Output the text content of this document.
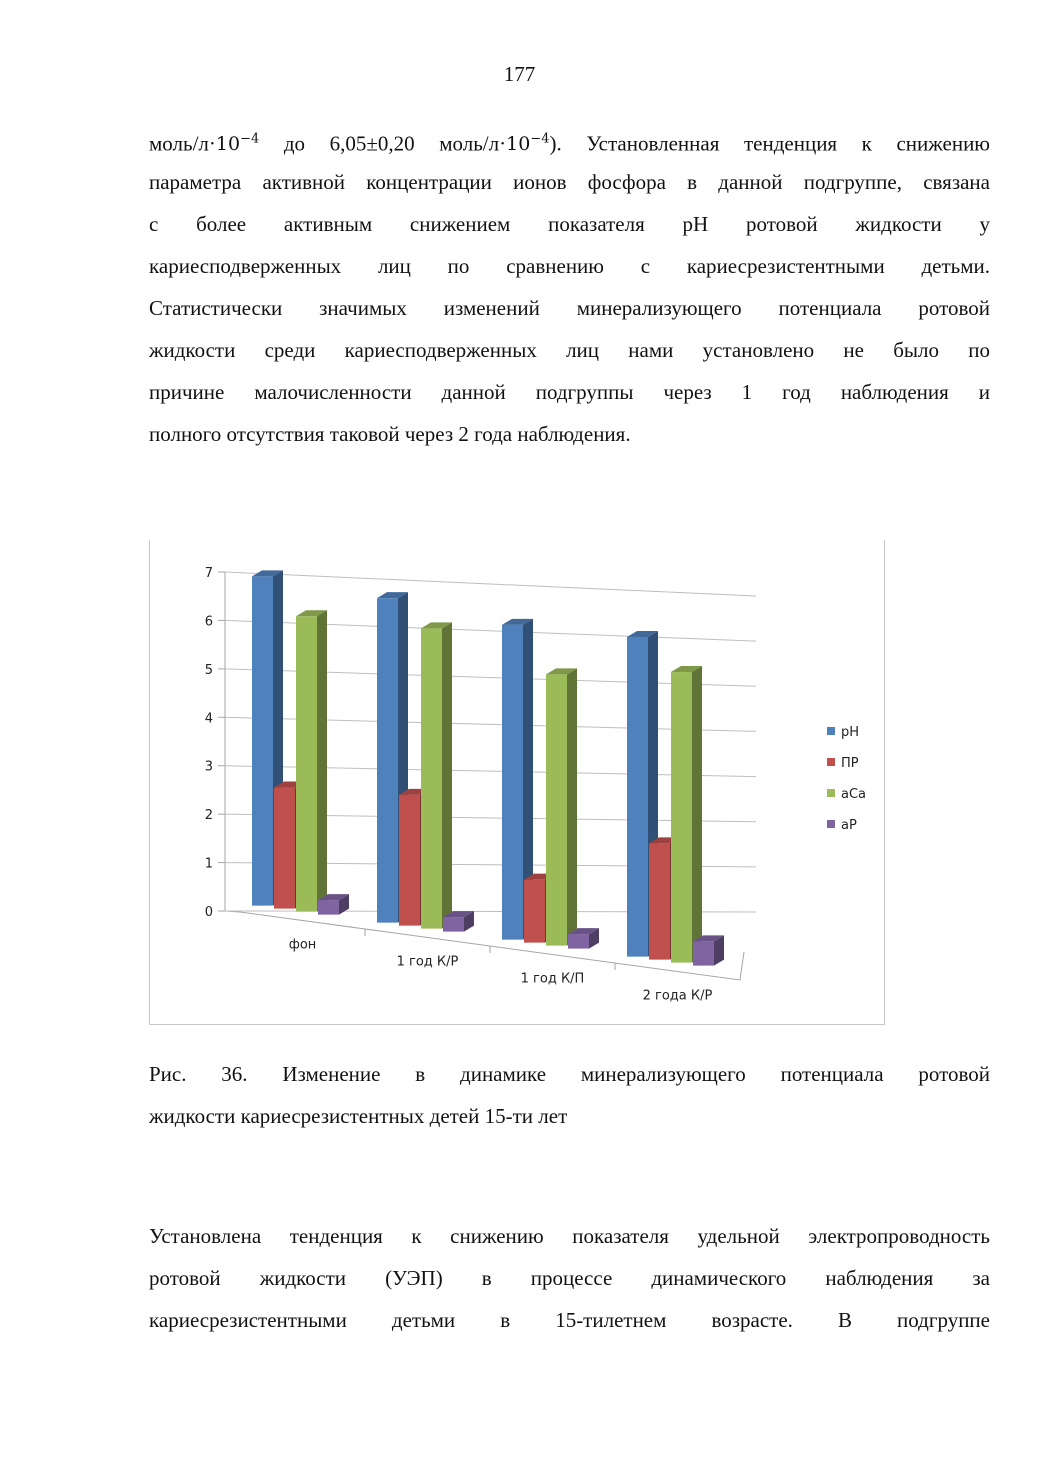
177
моль/$л\cdot 10^{-4}$ до 6,05±0,20 моль/$л\cdot 10^{-4}$). Установленная тенденция к снижению
параметра активной концентрации ионов фосфора в данной подгруппе, связана
с более активным снижением показателя pH ротовой жидкости у
кариесподверженных лиц по сравнению с кариесрезистентными детьми.
Статистически значимых изменений минерализующего потенциала ротовой
жидкости среди кариесподверженных лиц нами установлено не было по
причине малочисленности данной подгруппы через 1 год наблюдения и
полного отсутствия таковой через 2 года наблюдения.
0
1
2
3
4
5
6
7
фон
1 год К/Р
1 год К/П
2 года К/Р
pH
ПР
aCa
aP
Рис. 36. Изменение в динамике минерализующего потенциала ротовой
жидкости кариесрезистентных детей 15-ти лет
Установлена тенденция к снижению показателя удельной электропроводность
ротовой жидкости (УЭП) в процессе динамического наблюдения за
кариесрезистентными детьми в 15-тилетнем возрасте. В подгруппе
